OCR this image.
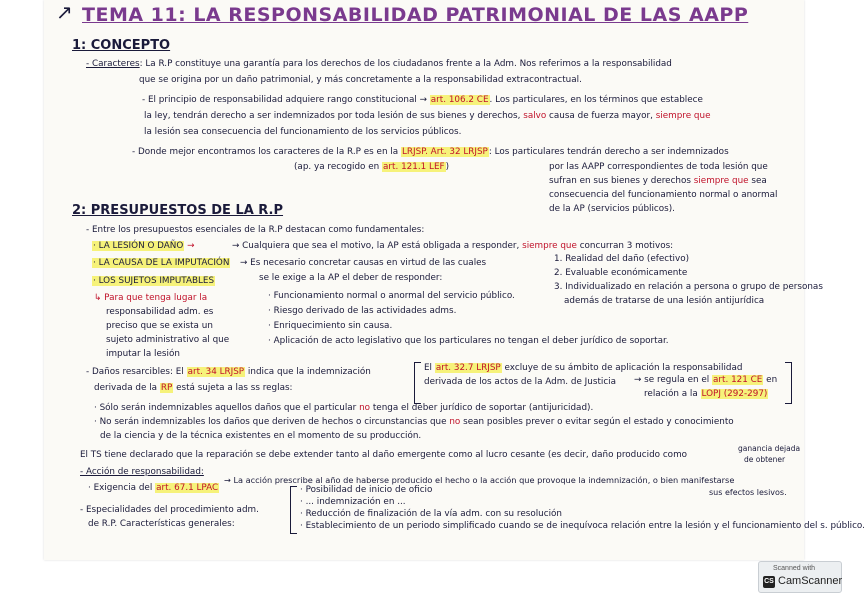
↗ TEMA 11: LA RESPONSABILIDAD PATRIMONIAL DE LAS AAPP
1: CONCEPTO
- Caracteres: La R.P constituye una garantía para los derechos de los ciudadanos frente a la Adm. Nos referimos a la responsabilidad
que se origina por un daño patrimonial, y más concretamente a la responsabilidad extracontractual.
- El principio de responsabilidad adquiere rango constitucional → art. 106.2 CE. Los particulares, en los términos que establece
la ley, tendrán derecho a ser indemnizados por toda lesión de sus bienes y derechos, salvo causa de fuerza mayor, siempre que
la lesión sea consecuencia del funcionamiento de los servicios públicos.
- Donde mejor encontramos los caracteres de la R.P es en la LRJSP. Art. 32 LRJSP: Los particulares tendrán derecho a ser indemnizados
(ap. ya recogido en art. 121.1 LEF)	por las AAPP correspondientes de toda lesión que
sufran en sus bienes y derechos siempre que sea
consecuencia del funcionamiento normal o anormal
de la AP (servicios públicos).
2: PRESUPUESTOS DE LA R.P
- Entre los presupuestos esenciales de la R.P destacan como fundamentales:
· LA LESIÓN O DAÑO →	→ Cualquiera que sea el motivo, la AP está obligada a responder, siempre que concurran 3 motivos:
· LA CAUSA DE LA IMPUTACIÓN → Es necesario concretar causas en virtud de las cuales
se le exige a la AP el deber de responder:
· LOS SUJETOS IMPUTABLES
1. Realidad del daño (efectivo)
2. Evaluable económicamente
3. Individualizado en relación a persona o grupo de personas
además de tratarse de una lesión antijurídica
· Funcionamiento normal o anormal del servicio público.
· Riesgo derivado de las actividades adms.
· Enriquecimiento sin causa.
· Aplicación de acto legislativo que los particulares no tengan el deber jurídico de soportar.
↳ Para que tenga lugar la
responsabilidad adm. es
preciso que se exista un
sujeto administrativo al que
imputar la lesión
- Daños resarcibles: El art. 34 LRJSP indica que la indemnización
derivada de la RP está sujeta a las ss reglas:
El art. 32.7 LRJSP excluye de su ámbito de aplicación la responsabilidad
derivada de los actos de la Adm. de Justicia → se regula en el art. 121 CE en
relación a la LOPJ (292-297)
· Sólo serán indemnizables aquellos daños que el particular no tenga el deber jurídico de soportar (antijuricidad).
· No serán indemnizables los daños que deriven de hechos o circunstancias que no sean posibles prever o evitar según el estado y conocimiento
de la ciencia y de la técnica existentes en el momento de su producción.
El TS tiene declarado que la reparación se debe extender tanto al daño emergente como al lucro cesante (es decir, daño producido como
ganancia dejada
de obtener
- Acción de responsabilidad:
· Exigencia del art. 67.1 LPAC
→ La acción prescribe al año de haberse producido el hecho o la acción que provoque la indemnización, o bien manifestarse
sus efectos lesivos.
- Especialidades del procedimiento adm.
de R.P. Características generales:
· Posibilidad de inicio de oficio
· ... indemnización en ...
· Reducción de finalización de la vía adm. con su resolución
· Establecimiento de un periodo simplificado cuando se de inequívoca relación entre la lesión y el funcionamiento del s. público.
Scanned with
CS CamScanner
